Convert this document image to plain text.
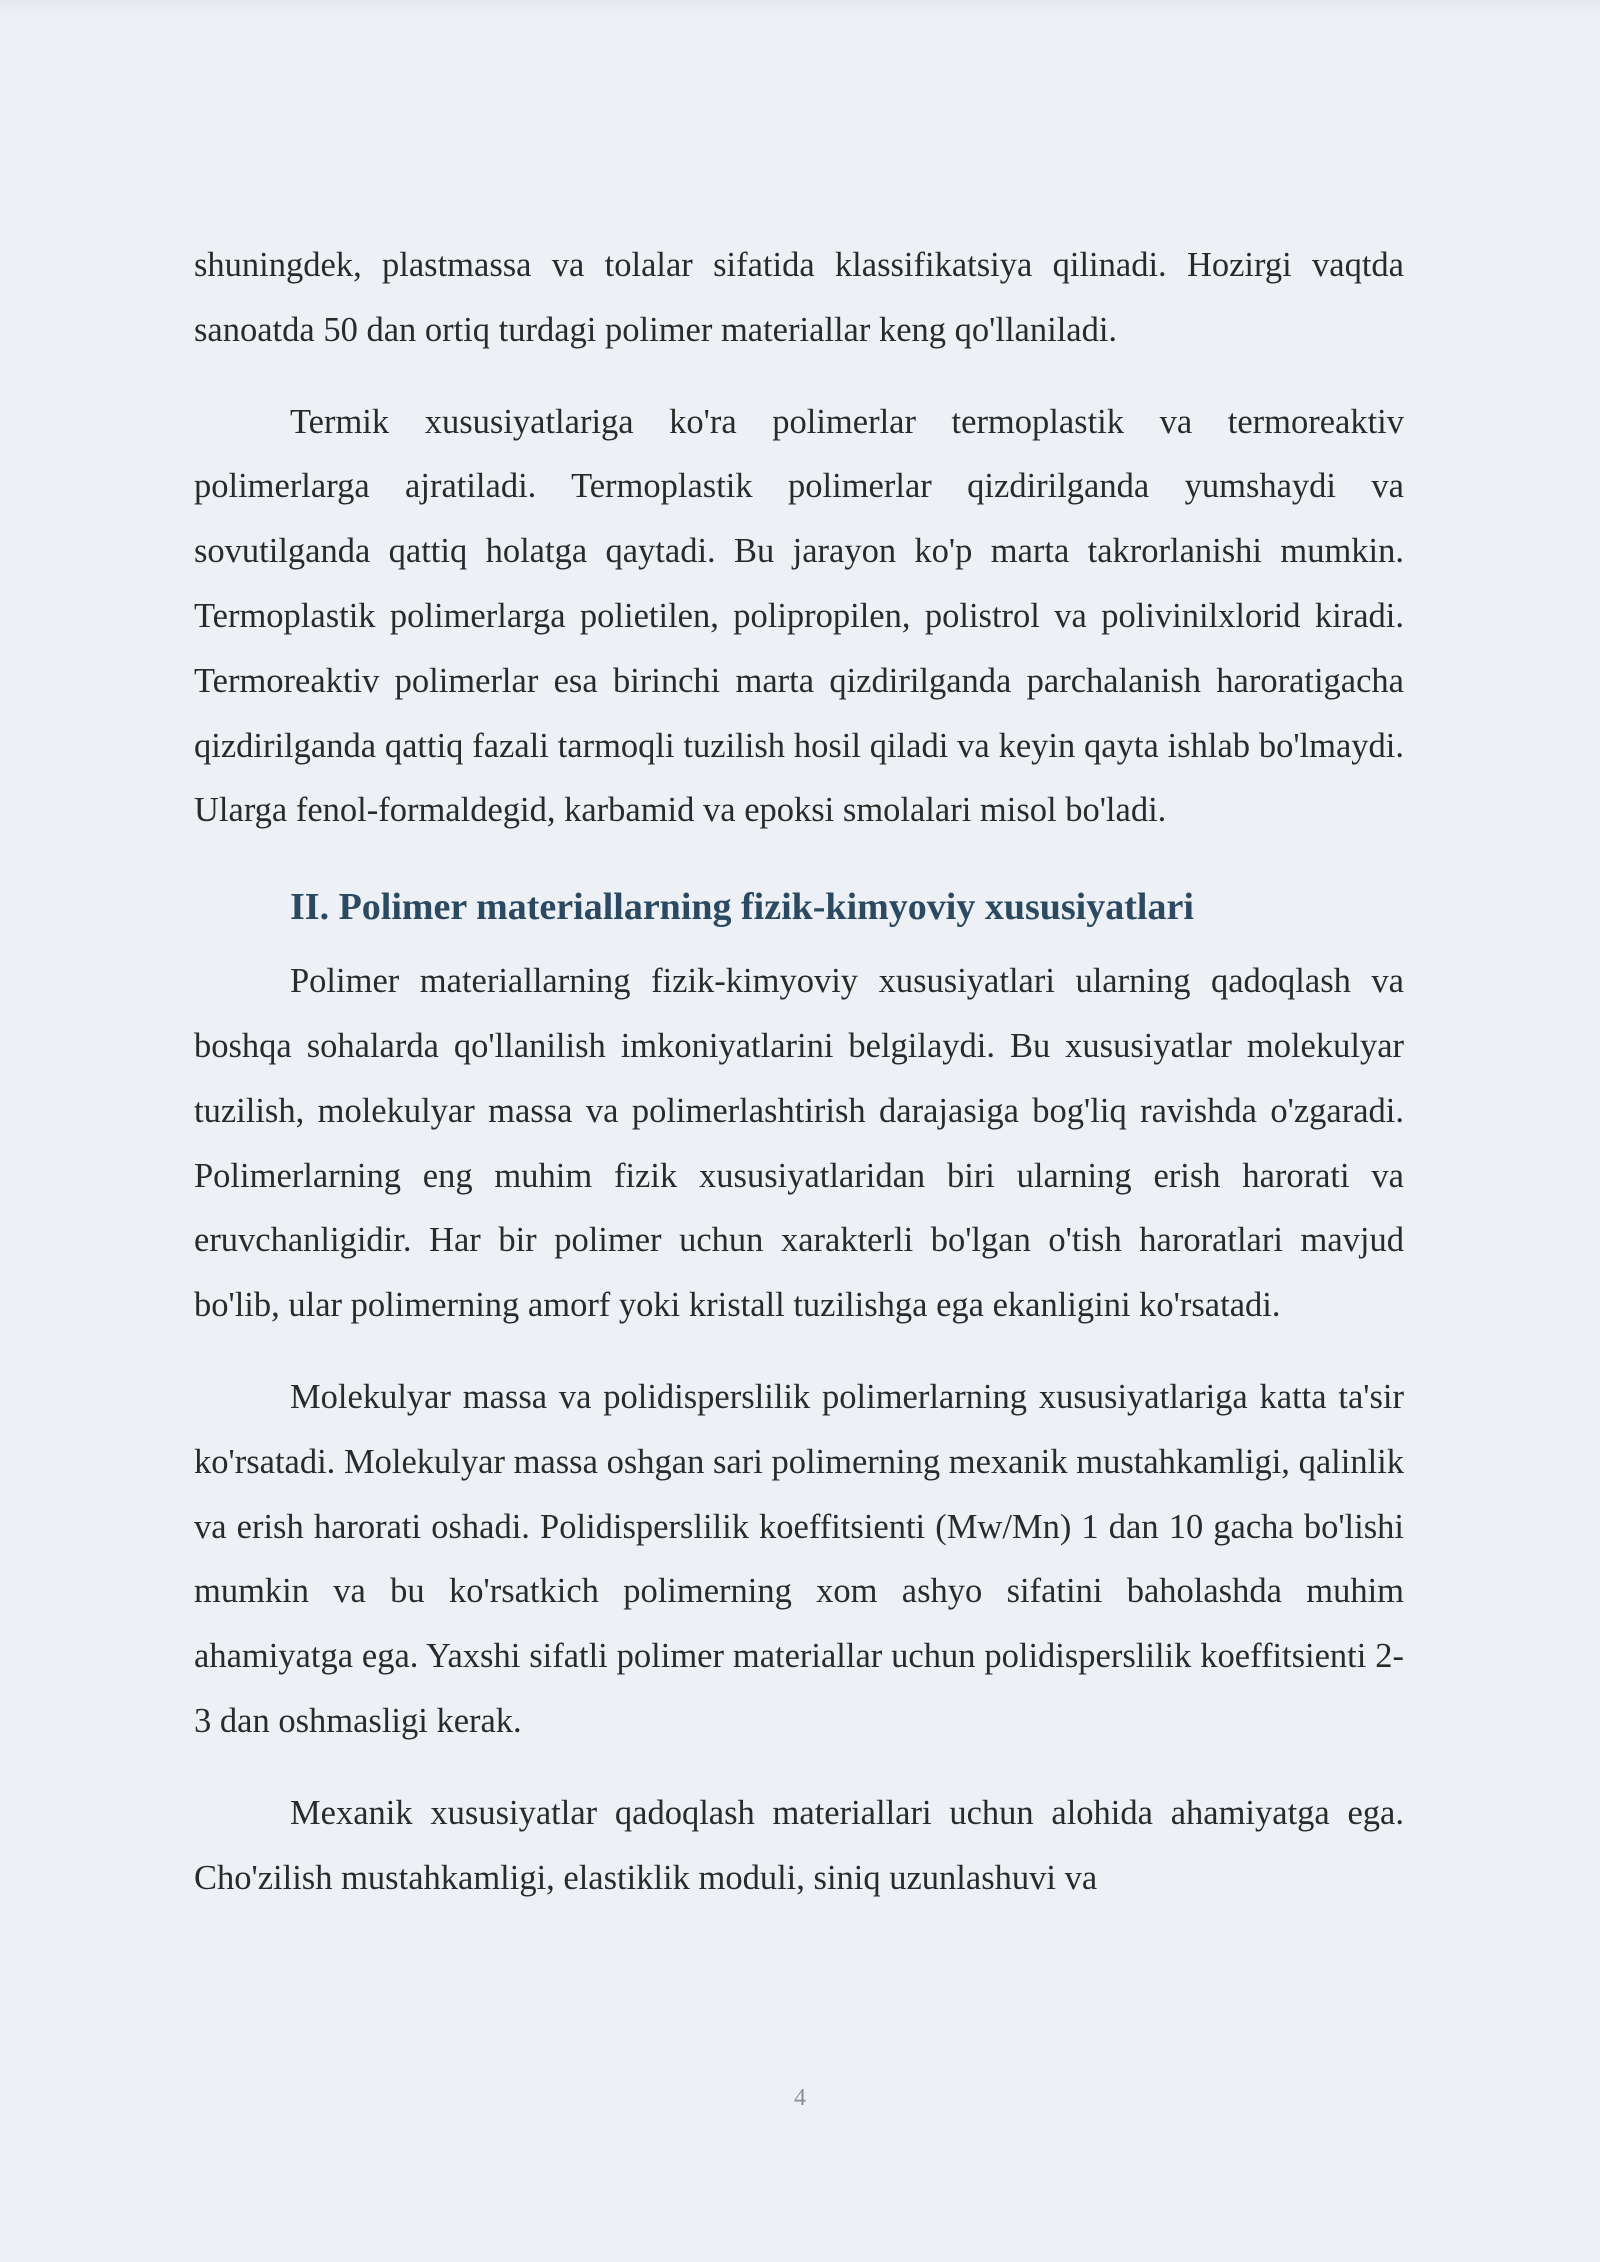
shuningdek, plastmassa va tolalar sifatida klassifikatsiya qilinadi. Hozirgi vaqtda sanoatda 50 dan ortiq turdagi polimer materiallar keng qo'llaniladi.

Termik xususiyatlariga ko'ra polimerlar termoplastik va termoreaktiv polimerlarga ajratiladi. Termoplastik polimerlar qizdirilganda yumshaydi va sovutilganda qattiq holatga qaytadi. Bu jarayon ko'p marta takrorlanishi mumkin. Termoplastik polimerlarga polietilen, polipropilen, polistrol va polivinilxlorid kiradi. Termoreaktiv polimerlar esa birinchi marta qizdirilganda parchalanish haroratigacha qizdirilganda qattiq fazali tarmoqli tuzilish hosil qiladi va keyin qayta ishlab bo'lmaydi. Ularga fenol-formaldegid, karbamid va epoksi smolalari misol bo'ladi.

II. Polimer materiallarning fizik-kimyoviy xususiyatlari

Polimer materiallarning fizik-kimyoviy xususiyatlari ularning qadoqlash va boshqa sohalarda qo'llanilish imkoniyatlarini belgilaydi. Bu xususiyatlar molekulyar tuzilish, molekulyar massa va polimerlashtirish darajasiga bog'liq ravishda o'zgaradi. Polimerlarning eng muhim fizik xususiyatlaridan biri ularning erish harorati va eruvchanligidir. Har bir polimer uchun xarakterli bo'lgan o'tish haroratlari mavjud bo'lib, ular polimerning amorf yoki kristall tuzilishga ega ekanligini ko'rsatadi.

Molekulyar massa va polidisperslilik polimerlarning xususiyatlariga katta ta'sir ko'rsatadi. Molekulyar massa oshgan sari polimerning mexanik mustahkamligi, qalinlik va erish harorati oshadi. Polidisperslilik koeffitsienti (Mw/Mn) 1 dan 10 gacha bo'lishi mumkin va bu ko'rsatkich polimerning xom ashyo sifatini baholashda muhim ahamiyatga ega. Yaxshi sifatli polimer materiallar uchun polidisperslilik koeffitsienti 2-3 dan oshmasligi kerak.

Mexanik xususiyatlar qadoqlash materiallari uchun alohida ahamiyatga ega. Cho'zilish mustahkamligi, elastiklik moduli, siniq uzunlashuvi va

4
